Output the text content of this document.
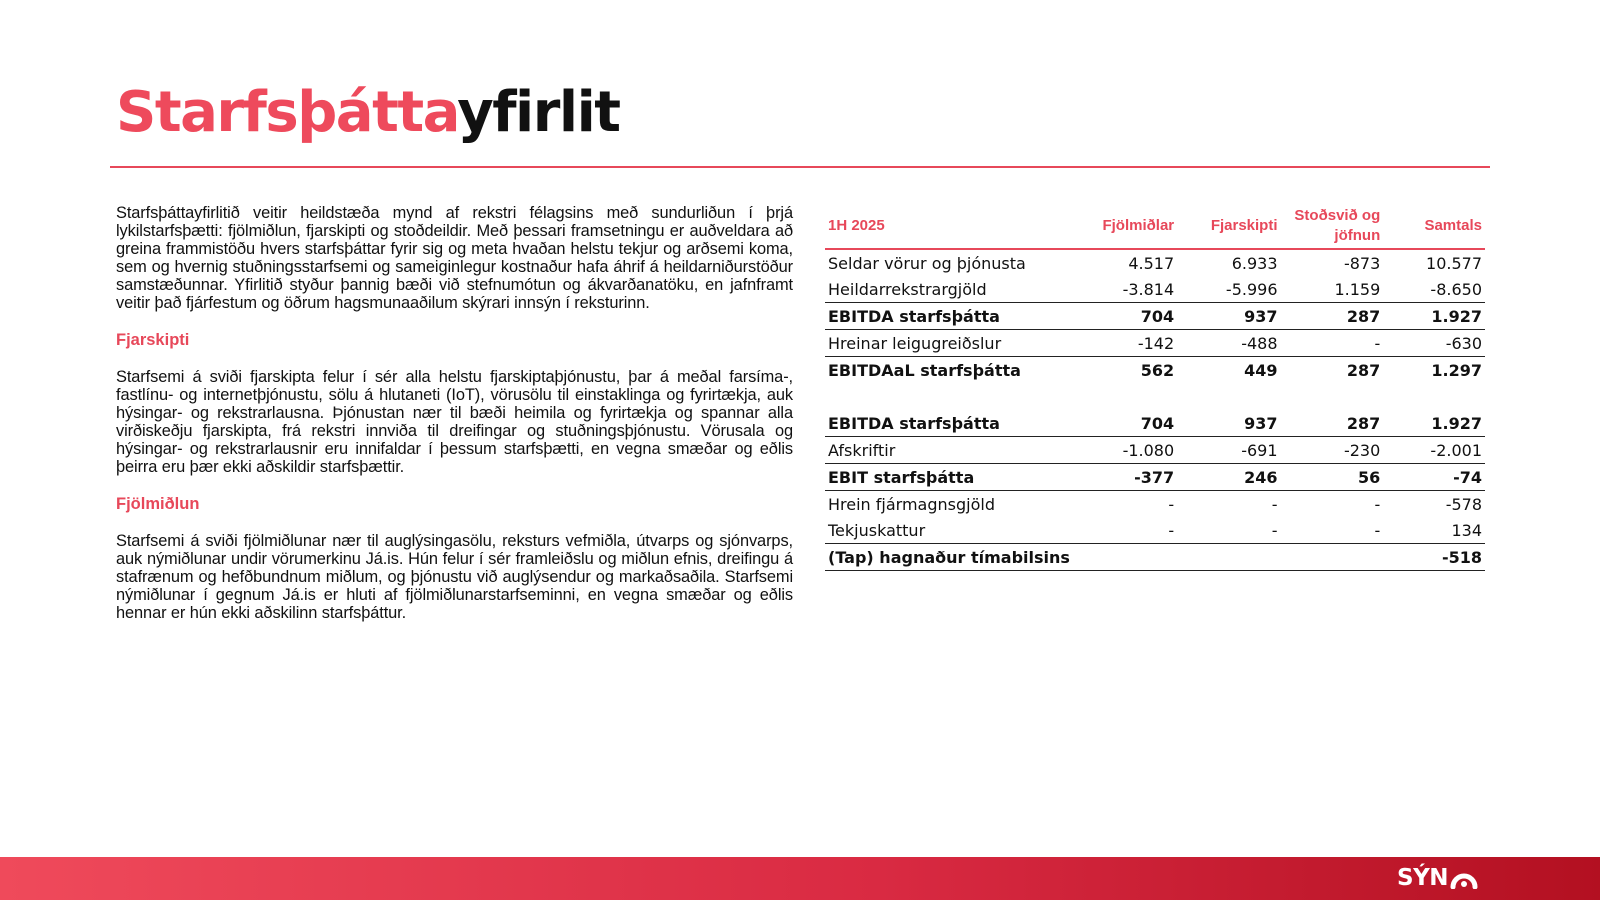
Starfsþáttayfirlit

Starfsþáttayfirlitið veitir heildstæða mynd af rekstri félagsins með sundurliðun í þrjá lykilstarfsþætti: fjölmiðlun, fjarskipti og stoðdeildir. Með þessari framsetningu er auðveldara að greina frammistöðu hvers starfsþáttar fyrir sig og meta hvaðan helstu tekjur og arðsemi koma, sem og hvernig stuðningsstarfsemi og sameiginlegur kostnaður hafa áhrif á heildarniðurstöður samstæðunnar. Yfirlitið styður þannig bæði við stefnumótun og ákvarðanatöku, en jafnframt veitir það fjárfestum og öðrum hagsmunaaðilum skýrari innsýn í reksturinn.

Fjarskipti

Starfsemi á sviði fjarskipta felur í sér alla helstu fjarskiptaþjónustu, þar á meðal farsíma-, fastlínu- og internetþjónustu, sölu á hlutaneti (IoT), vörusölu til einstaklinga og fyrirtækja, auk hýsingar- og rekstrarlausna. Þjónustan nær til bæði heimila og fyrirtækja og spannar alla virðiskeðju fjarskipta, frá rekstri innviða til dreifingar og stuðningsþjónustu. Vörusala og hýsingar- og rekstrarlausnir eru innifaldar í þessum starfsþætti, en vegna smæðar og eðlis þeirra eru þær ekki aðskildir starfsþættir.

Fjölmiðlun

Starfsemi á sviði fjölmiðlunar nær til auglýsingasölu, reksturs vefmiðla, útvarps og sjónvarps, auk nýmiðlunar undir vörumerkinu Já.is. Hún felur í sér framleiðslu og miðlun efnis, dreifingu á stafrænum og hefðbundnum miðlum, og þjónustu við auglýsendur og markaðsaðila. Starfsemi nýmiðlunar í gegnum Já.is er hluti af fjölmiðlunarstarfseminni, en vegna smæðar og eðlis hennar er hún ekki aðskilinn starfsþáttur.

1H 2025	Fjölmiðlar	Fjarskipti	Stoðsvið og jöfnun	Samtals
Seldar vörur og þjónusta	4.517	6.933	-873	10.577
Heildarrekstrargjöld	-3.814	-5.996	1.159	-8.650
EBITDA starfsþátta	704	937	287	1.927
Hreinar leigugreiðslur	-142	-488	-	-630
EBITDAaL starfsþátta	562	449	287	1.297

EBITDA starfsþátta	704	937	287	1.927
Afskriftir	-1.080	-691	-230	-2.001
EBIT starfsþátta	-377	246	56	-74
Hrein fjármagnsgjöld	-	-	-	-578
Tekjuskattur	-	-	-	134
(Tap) hagnaður tímabilsins				-518
SÝN
